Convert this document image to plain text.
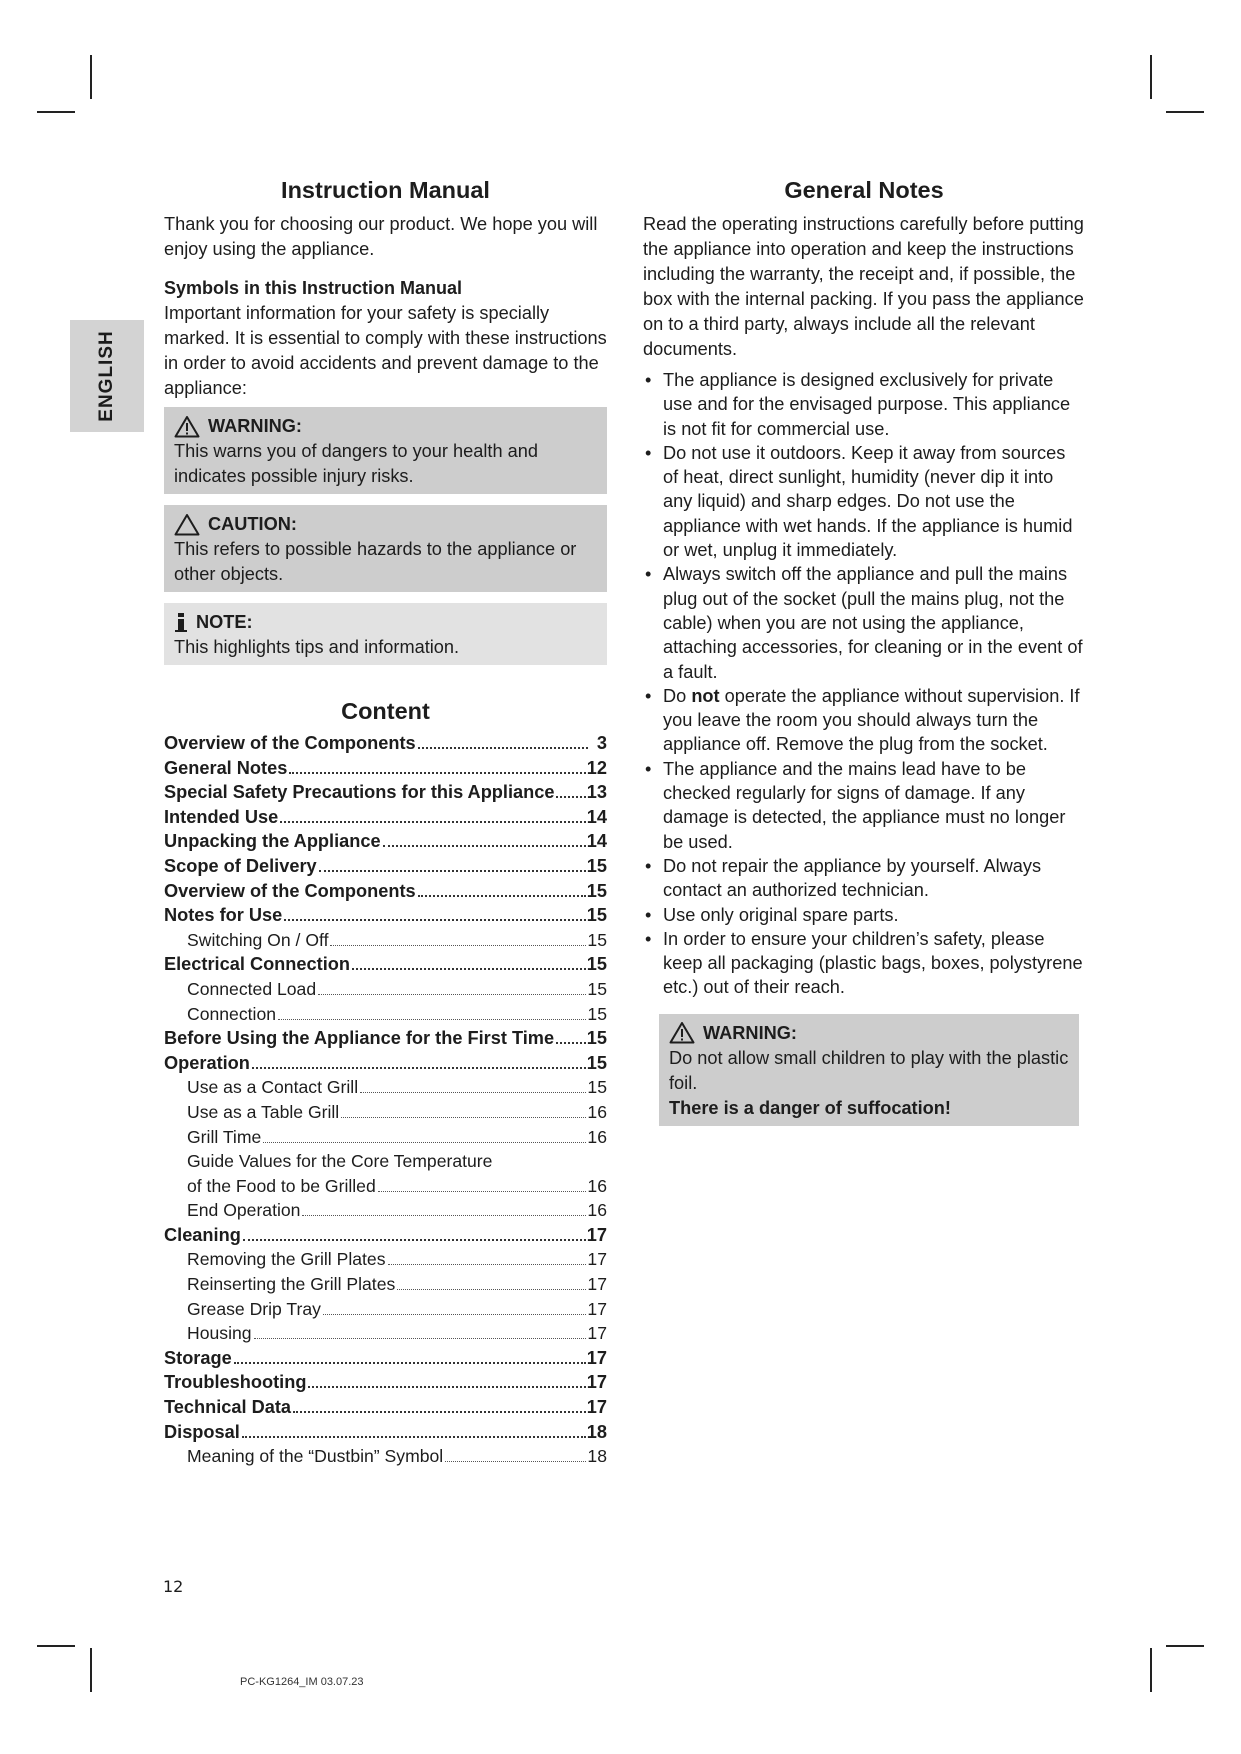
ENGLISH
Instruction Manual

Thank you for choosing our product. We hope you will enjoy using the appliance.

Symbols in this Instruction Manual

Important information for your safety is specially marked. It is essential to comply with these instructions in order to avoid accidents and prevent damage to the appliance:

WARNING:

This warns you of dangers to your health and indicates possible injury risks.

CAUTION:

This refers to possible hazards to the appliance or other objects.

NOTE:

This highlights tips and information.

Content
Overview of the Components	3
General Notes	12
Special Safety Precautions for this Appliance 13
Intended Use	14
Unpacking the Appliance	14
Scope of Delivery	15
Overview of the Components	15
Notes for Use	15
Switching On / Off	15
Electrical Connection	15
Connected Load	15
Connection	15
Before Using the Appliance for the First Time 15
Operation	15
Use as a Contact Grill	15
Use as a Table Grill	16
Grill Time	16
Guide Values for the Core Temperature
of the Food to be Grilled	16
End Operation	16
Cleaning	17
Removing the Grill Plates	17
Reinserting the Grill Plates	17
Grease Drip Tray	17
Housing	17
Storage	17
Troubleshooting	17
Technical Data	17
Disposal	18
Meaning of the “Dustbin” Symbol	18
General Notes

Read the operating instructions carefully before putting the appliance into operation and keep the instructions including the warranty, the receipt and, if possible, the box with the internal packing. If you pass the appliance on to a third party, always include all the relevant documents.

• The appliance is designed exclusively for private use and for the envisaged purpose. This appliance is not fit for commercial use.
• Do not use it outdoors. Keep it away from sources of heat, direct sunlight, humidity (never dip it into any liquid) and sharp edges. Do not use the appliance with wet hands. If the appliance is humid or wet, unplug it immediately.
• Always switch off the appliance and pull the mains plug out of the socket (pull the mains plug, not the cable) when you are not using the appliance, attaching accessories, for cleaning or in the event of a fault.
• Do not operate the appliance without supervision. If you leave the room you should always turn the appliance off. Remove the plug from the socket.
• The appliance and the mains lead have to be checked regularly for signs of damage. If any damage is detected, the appliance must no longer be used.
• Do not repair the appliance by yourself. Always contact an authorized technician.
• Use only original spare parts.
• In order to ensure your children’s safety, please keep all packaging (plastic bags, boxes, polystyrene etc.) out of their reach.
WARNING:

Do not allow small children to play with the plastic foil.

There is a danger of suffocation!

12
PC-KG1264_IM 03.07.23
